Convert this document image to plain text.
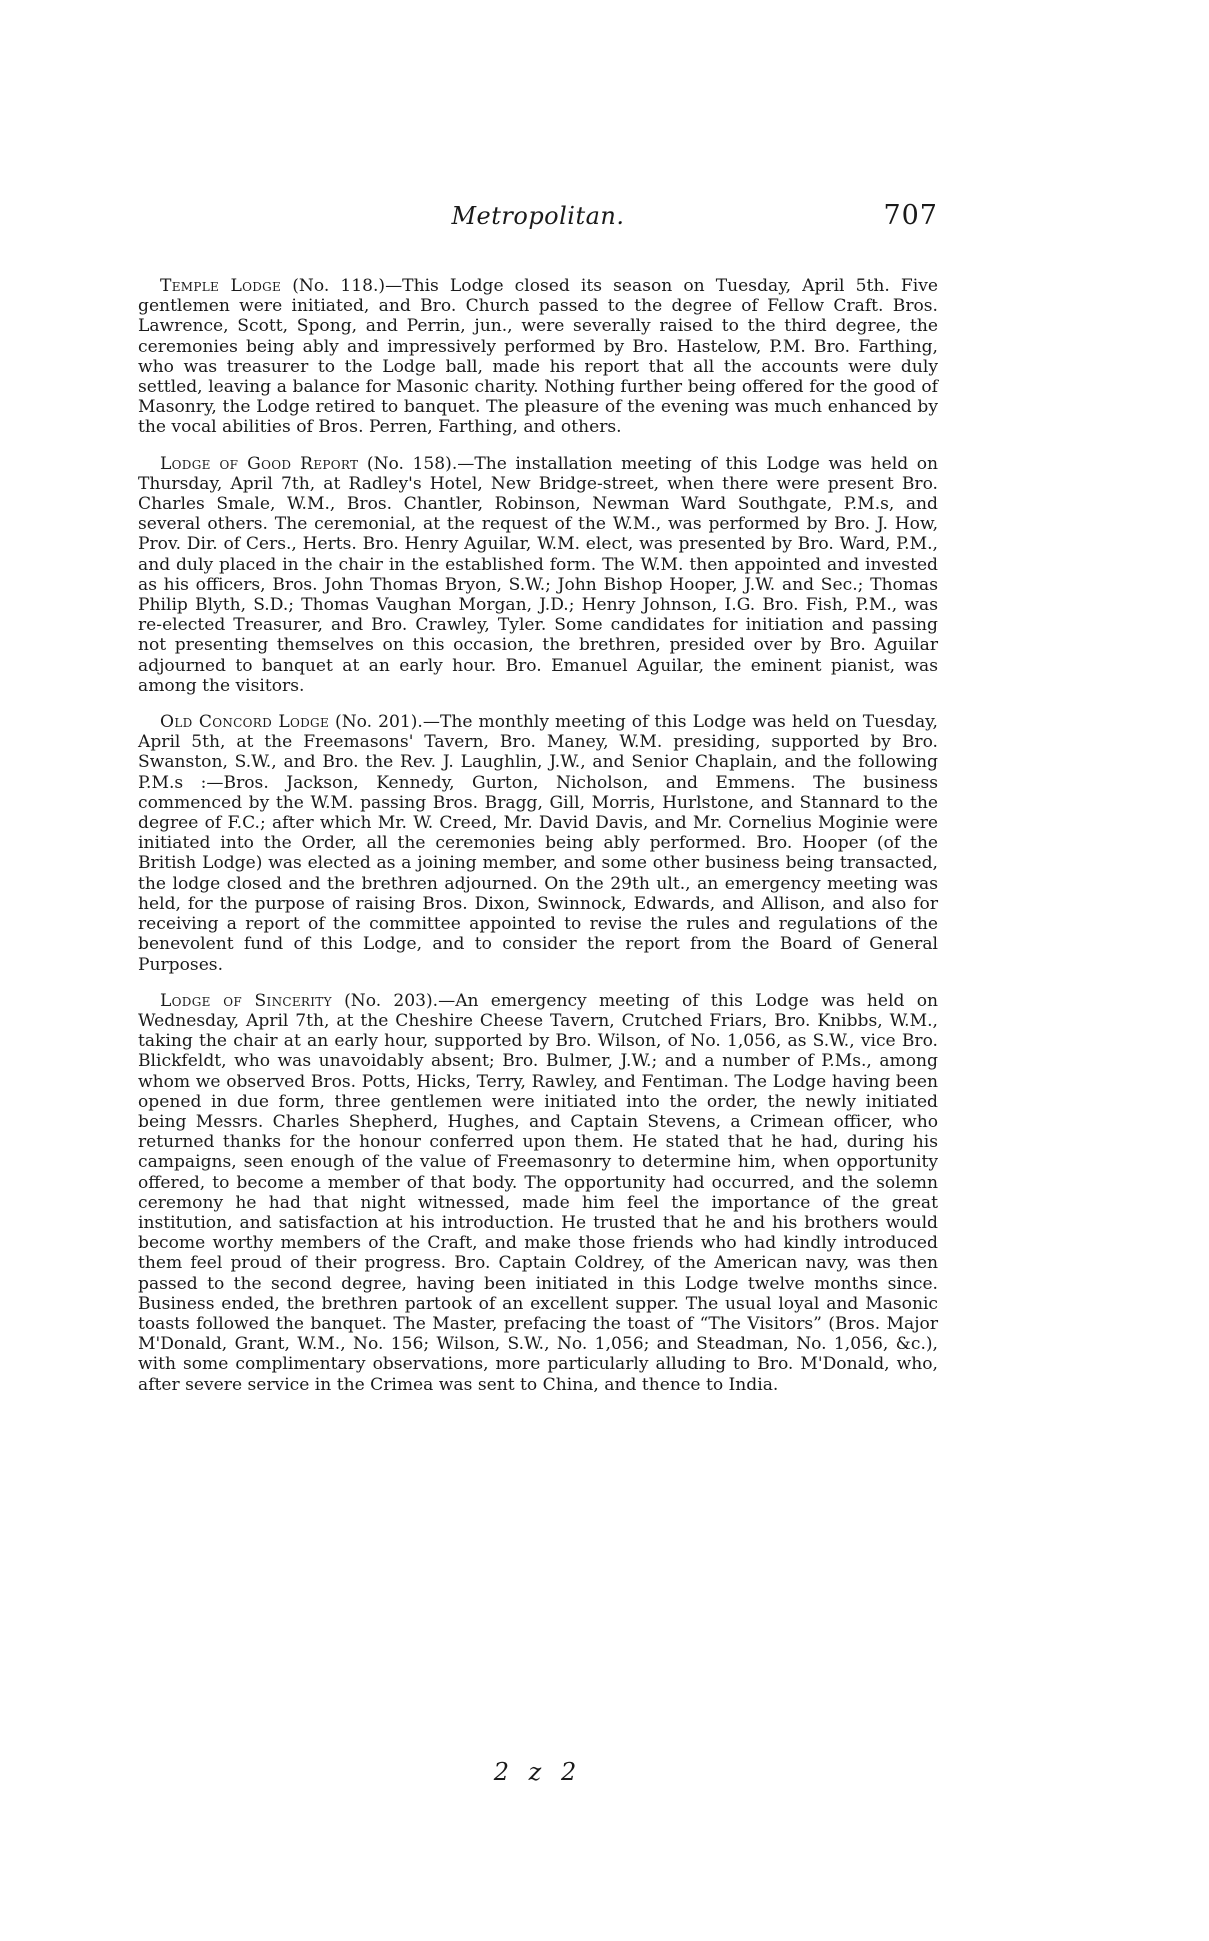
Metropolitan.	707

Temple Lodge (No. 118.)—This Lodge closed its season on Tuesday, April 5th. Five gentlemen were initiated, and Bro. Church passed to the degree of Fellow Craft. Bros. Lawrence, Scott, Spong, and Perrin, jun., were severally raised to the third degree, the ceremonies being ably and impressively performed by Bro. Hastelow, P.M. Bro. Farthing, who was treasurer to the Lodge ball, made his report that all the accounts were duly settled, leaving a balance for Masonic charity. Nothing further being offered for the good of Masonry, the Lodge retired to banquet. The pleasure of the evening was much enhanced by the vocal abilities of Bros. Perren, Farthing, and others.

Lodge of Good Report (No. 158).—The installation meeting of this Lodge was held on Thursday, April 7th, at Radley's Hotel, New Bridge-street, when there were present Bro. Charles Smale, W.M., Bros. Chantler, Robinson, Newman Ward Southgate, P.M.s, and several others. The ceremonial, at the request of the W.M., was performed by Bro. J. How, Prov. Dir. of Cers., Herts. Bro. Henry Aguilar, W.M. elect, was presented by Bro. Ward, P.M., and duly placed in the chair in the established form. The W.M. then appointed and invested as his officers, Bros. John Thomas Bryon, S.W.; John Bishop Hooper, J.W. and Sec.; Thomas Philip Blyth, S.D.; Thomas Vaughan Morgan, J.D.; Henry Johnson, I.G. Bro. Fish, P.M., was re-elected Treasurer, and Bro. Crawley, Tyler. Some candidates for initiation and passing not presenting themselves on this occasion, the brethren, presided over by Bro. Aguilar adjourned to banquet at an early hour. Bro. Emanuel Aguilar, the eminent pianist, was among the visitors.

Old Concord Lodge (No. 201).—The monthly meeting of this Lodge was held on Tuesday, April 5th, at the Freemasons' Tavern, Bro. Maney, W.M. presiding, supported by Bro. Swanston, S.W., and Bro. the Rev. J. Laughlin, J.W., and Senior Chaplain, and the following P.M.s :—Bros. Jackson, Kennedy, Gurton, Nicholson, and Emmens. The business commenced by the W.M. passing Bros. Bragg, Gill, Morris, Hurlstone, and Stannard to the degree of F.C.; after which Mr. W. Creed, Mr. David Davis, and Mr. Cornelius Moginie were initiated into the Order, all the ceremonies being ably performed. Bro. Hooper (of the British Lodge) was elected as a joining member, and some other business being transacted, the lodge closed and the brethren adjourned. On the 29th ult., an emergency meeting was held, for the purpose of raising Bros. Dixon, Swinnock, Edwards, and Allison, and also for receiving a report of the committee appointed to revise the rules and regulations of the benevolent fund of this Lodge, and to consider the report from the Board of General Purposes.

Lodge of Sincerity (No. 203).—An emergency meeting of this Lodge was held on Wednesday, April 7th, at the Cheshire Cheese Tavern, Crutched Friars, Bro. Knibbs, W.M., taking the chair at an early hour, supported by Bro. Wilson, of No. 1,056, as S.W., vice Bro. Blickfeldt, who was unavoidably absent; Bro. Bulmer, J.W.; and a number of P.Ms., among whom we observed Bros. Potts, Hicks, Terry, Rawley, and Fentiman. The Lodge having been opened in due form, three gentlemen were initiated into the order, the newly initiated being Messrs. Charles Shepherd, Hughes, and Captain Stevens, a Crimean officer, who returned thanks for the honour conferred upon them. He stated that he had, during his campaigns, seen enough of the value of Freemasonry to determine him, when opportunity offered, to become a member of that body. The opportunity had occurred, and the solemn ceremony he had that night witnessed, made him feel the importance of the great institution, and satisfaction at his introduction. He trusted that he and his brothers would become worthy members of the Craft, and make those friends who had kindly introduced them feel proud of their progress. Bro. Captain Coldrey, of the American navy, was then passed to the second degree, having been initiated in this Lodge twelve months since. Business ended, the brethren partook of an excellent supper. The usual loyal and Masonic toasts followed the banquet. The Master, prefacing the toast of “The Visitors” (Bros. Major M'Donald, Grant, W.M., No. 156; Wilson, S.W., No. 1,056; and Steadman, No. 1,056, &c.), with some complimentary observations, more particularly alluding to Bro. M'Donald, who, after severe service in the Crimea was sent to China, and thence to India.

2 z 2
